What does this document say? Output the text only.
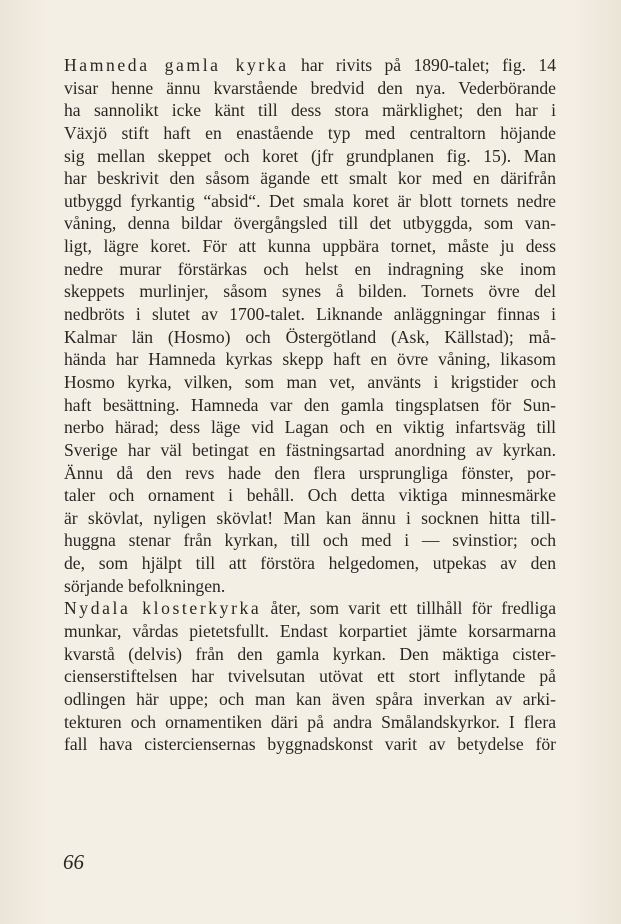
Hamneda gamla kyrka har rivits på 1890-talet; fig. 14
visar henne ännu kvarstående bredvid den nya. Vederbörande
ha sannolikt icke känt till dess stora märklighet; den har i
Växjö stift haft en enastående typ med centraltorn höjande
sig mellan skeppet och koret (jfr grundplanen fig. 15). Man
har beskrivit den såsom ägande ett smalt kor med en därifrån
utbyggd fyrkantig “absid“. Det smala koret är blott tornets nedre
våning, denna bildar övergångsled till det utbyggda, som van-
ligt, lägre koret. För att kunna uppbära tornet, måste ju dess
nedre murar förstärkas och helst en indragning ske inom
skeppets murlinjer, såsom synes å bilden. Tornets övre del
nedbröts i slutet av 1700-talet. Liknande anläggningar finnas i
Kalmar län (Hosmo) och Östergötland (Ask, Källstad); må-
hända har Hamneda kyrkas skepp haft en övre våning, likasom
Hosmo kyrka, vilken, som man vet, använts i krigstider och
haft besättning. Hamneda var den gamla tingsplatsen för Sun-
nerbo härad; dess läge vid Lagan och en viktig infartsväg till
Sverige har väl betingat en fästningsartad anordning av kyrkan.
Ännu då den revs hade den flera ursprungliga fönster, por-
taler och ornament i behåll. Och detta viktiga minnesmärke
är skövlat, nyligen skövlat! Man kan ännu i socknen hitta till-
huggna stenar från kyrkan, till och med i — svinstior; och
de, som hjälpt till att förstöra helgedomen, utpekas av den
sörjande befolkningen.
Nydala klosterkyrka åter, som varit ett tillhåll för fredliga
munkar, vårdas pietetsfullt. Endast korpartiet jämte korsarmarna
kvarstå (delvis) från den gamla kyrkan. Den mäktiga cister-
cienserstiftelsen har tvivelsutan utövat ett stort inflytande på
odlingen här uppe; och man kan även spåra inverkan av arki-
tekturen och ornamentiken däri på andra Smålandskyrkor. I flera
fall hava cisterciensernas byggnadskonst varit av betydelse för
66
